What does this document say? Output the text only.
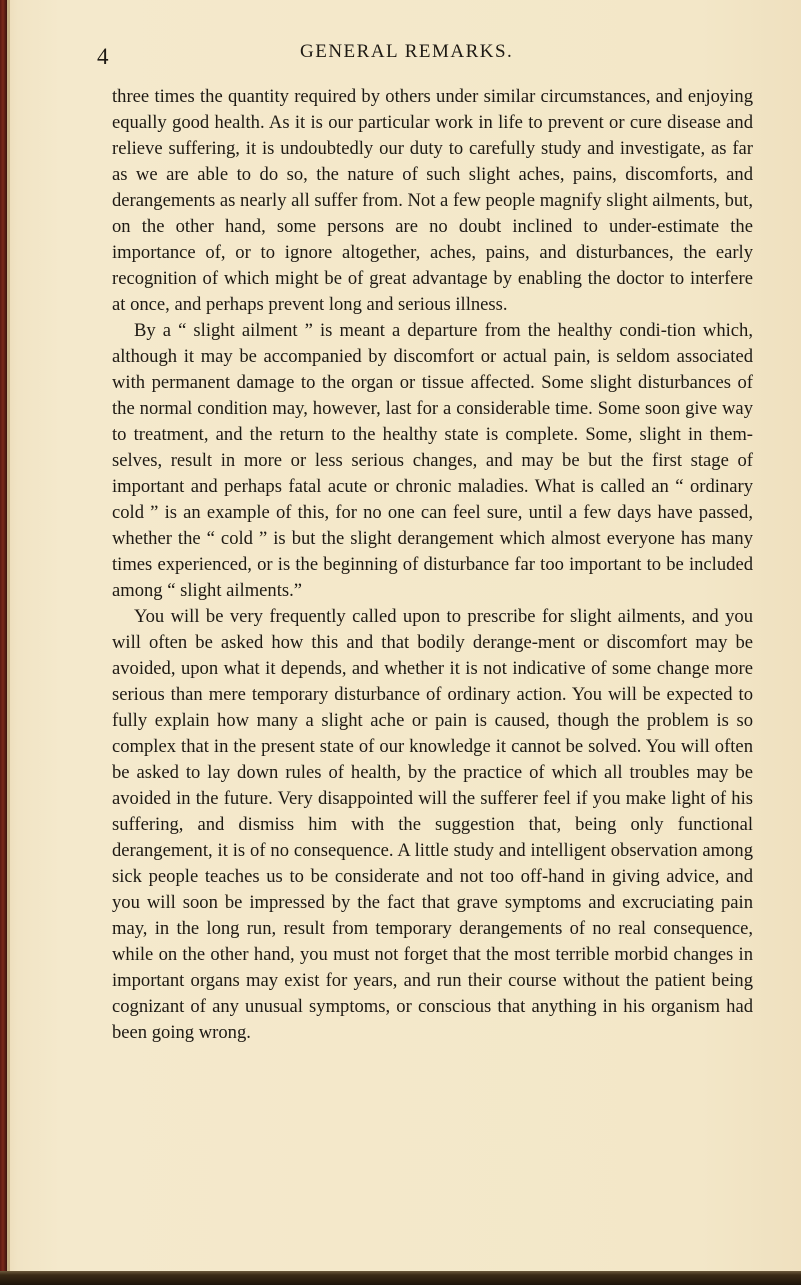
4	GENERAL REMARKS.

three times the quantity required by others under similar circumstances, and enjoying equally good health. As it is our particular work in life to prevent or cure disease and relieve suffering, it is undoubtedly our duty to carefully study and investigate, as far as we are able to do so, the nature of such slight aches, pains, discomforts, and derangements as nearly all suffer from. Not a few people magnify slight ailments, but, on the other hand, some persons are no doubt inclined to under-estimate the importance of, or to ignore altogether, aches, pains, and disturbances, the early recognition of which might be of great advantage by enabling the doctor to interfere at once, and perhaps prevent long and serious illness.

By a “ slight ailment ” is meant a departure from the healthy condi-tion which, although it may be accompanied by discomfort or actual pain, is seldom associated with permanent damage to the organ or tissue affected. Some slight disturbances of the normal condition may, however, last for a considerable time. Some soon give way to treatment, and the return to the healthy state is complete. Some, slight in them-selves, result in more or less serious changes, and may be but the first stage of important and perhaps fatal acute or chronic maladies. What is called an “ ordinary cold ” is an example of this, for no one can feel sure, until a few days have passed, whether the “ cold ” is but the slight derangement which almost everyone has many times experienced, or is the beginning of disturbance far too important to be included among “ slight ailments.”

You will be very frequently called upon to prescribe for slight ailments, and you will often be asked how this and that bodily derange-ment or discomfort may be avoided, upon what it depends, and whether it is not indicative of some change more serious than mere temporary disturbance of ordinary action. You will be expected to fully explain how many a slight ache or pain is caused, though the problem is so complex that in the present state of our knowledge it cannot be solved. You will often be asked to lay down rules of health, by the practice of which all troubles may be avoided in the future. Very disappointed will the sufferer feel if you make light of his suffering, and dismiss him with the suggestion that, being only functional derangement, it is of no consequence. A little study and intelligent observation among sick people teaches us to be considerate and not too off-hand in giving advice, and you will soon be impressed by the fact that grave symptoms and excruciating pain may, in the long run, result from temporary derangements of no real consequence, while on the other hand, you must not forget that the most terrible morbid changes in important organs may exist for years, and run their course without the patient being cognizant of any unusual symptoms, or conscious that anything in his organism had been going wrong.
